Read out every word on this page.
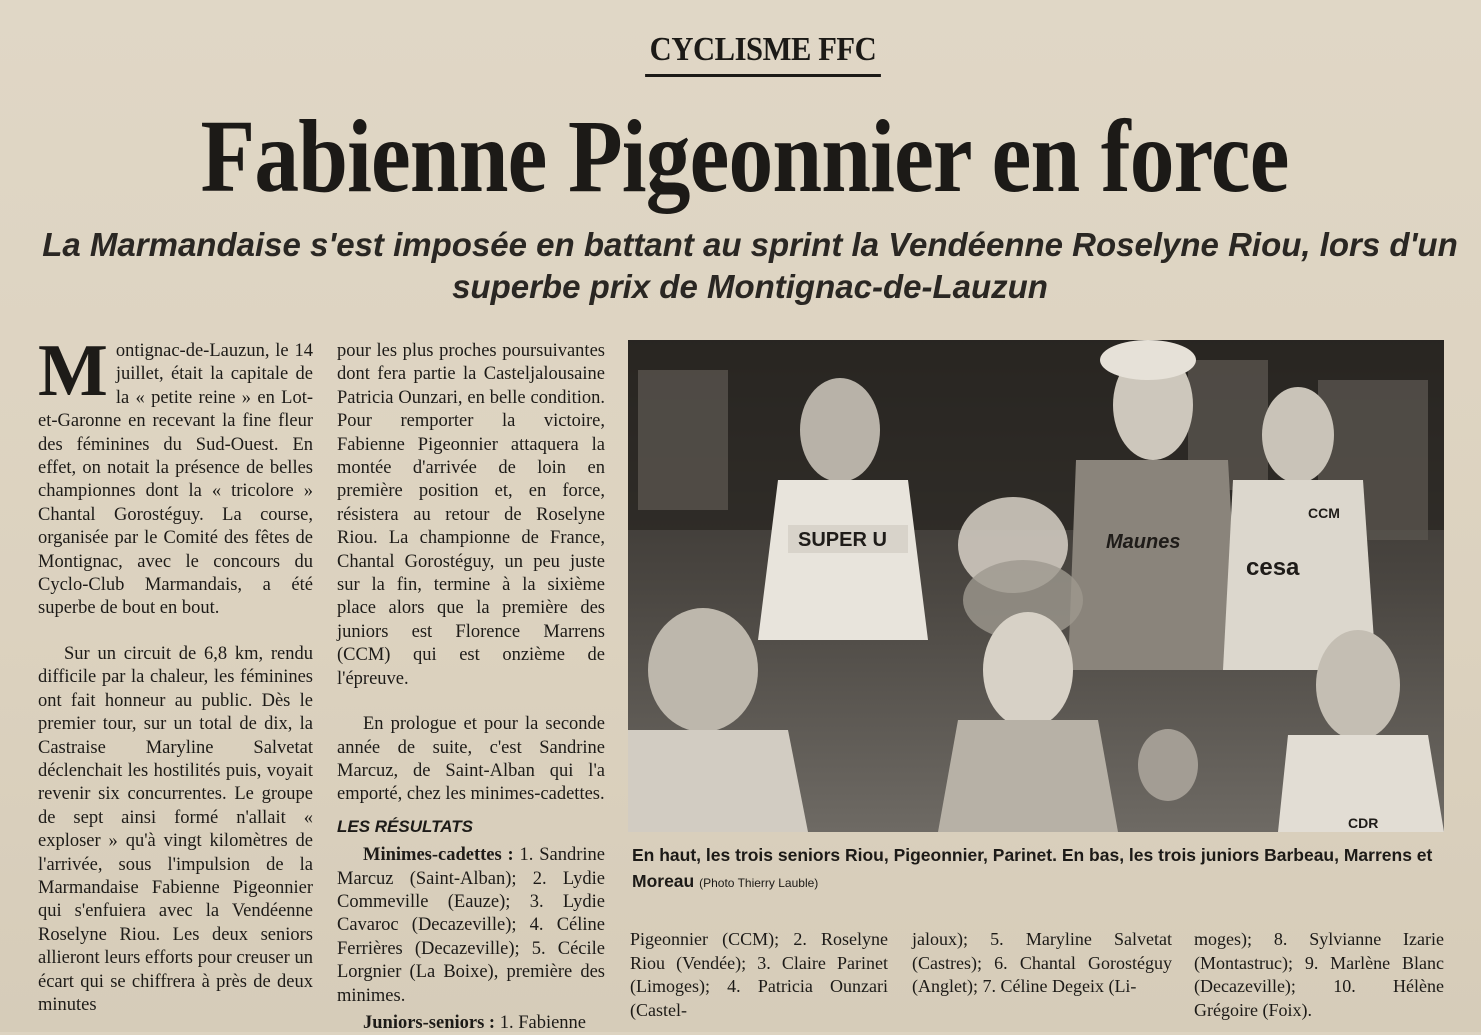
CYCLISME FFC
Fabienne Pigeonnier en force
La Marmandaise s'est imposée en battant au sprint la Vendéenne Roselyne Riou, lors d'un superbe prix de Montignac-de-Lauzun

Montignac-de-Lauzun, le 14 juillet, était la capitale de la « petite reine » en Lot-et-Garonne en recevant la fine fleur des féminines du Sud-Ouest. En effet, on notait la présence de belles championnes dont la « tricolore » Chantal Gorostéguy. La course, organisée par le Comité des fêtes de Montignac, avec le concours du Cyclo-Club Marmandais, a été superbe de bout en bout.

Sur un circuit de 6,8 km, rendu difficile par la chaleur, les féminines ont fait honneur au public. Dès le premier tour, sur un total de dix, la Castraise Maryline Salvetat déclenchait les hostilités puis, voyait revenir six concurrentes. Le groupe de sept ainsi formé n'allait « exploser » qu'à vingt kilomètres de l'arrivée, sous l'impulsion de la Marmandaise Fabienne Pigeonnier qui s'enfuiera avec la Vendéenne Roselyne Riou. Les deux seniors allieront leurs efforts pour creuser un écart qui se chiffrera à près de deux minutes

pour les plus proches poursuivantes dont fera partie la Casteljalousaine Patricia Ounzari, en belle condition. Pour remporter la victoire, Fabienne Pigeonnier attaquera la montée d'arrivée de loin en première position et, en force, résistera au retour de Roselyne Riou. La championne de France, Chantal Gorostéguy, un peu juste sur la fin, termine à la sixième place alors que la première des juniors est Florence Marrens (CCM) qui est onzième de l'épreuve.

En prologue et pour la seconde année de suite, c'est Sandrine Marcuz, de Saint-Alban qui l'a emporté, chez les minimes-cadettes.

LES RÉSULTATS

Minimes-cadettes : 1. Sandrine Marcuz (Saint-Alban); 2. Lydie Commeville (Eauze); 3. Lydie Cavaroc (Decazeville); 4. Céline Ferrières (Decazeville); 5. Cécile Lorgnier (La Boixe), première des minimes.

Juniors-seniors : 1. Fabienne

SUPER U	Maunes
cesa
CCM
CDR
En haut, les trois seniors Riou, Pigeonnier, Parinet. En bas, les trois juniors Barbeau, Marrens et Moreau (Photo Thierry Lauble)
Pigeonnier (CCM); 2. Roselyne Riou (Vendée); 3. Claire Parinet (Limoges); 4. Patricia Ounzari (Castel-
jaloux); 5. Maryline Salvetat (Castres); 6. Chantal Gorostéguy (Anglet); 7. Céline Degeix (Li-
moges); 8. Sylvianne Izarie (Montastruc); 9. Marlène Blanc (Decazeville); 10. Hélène Grégoire (Foix).
